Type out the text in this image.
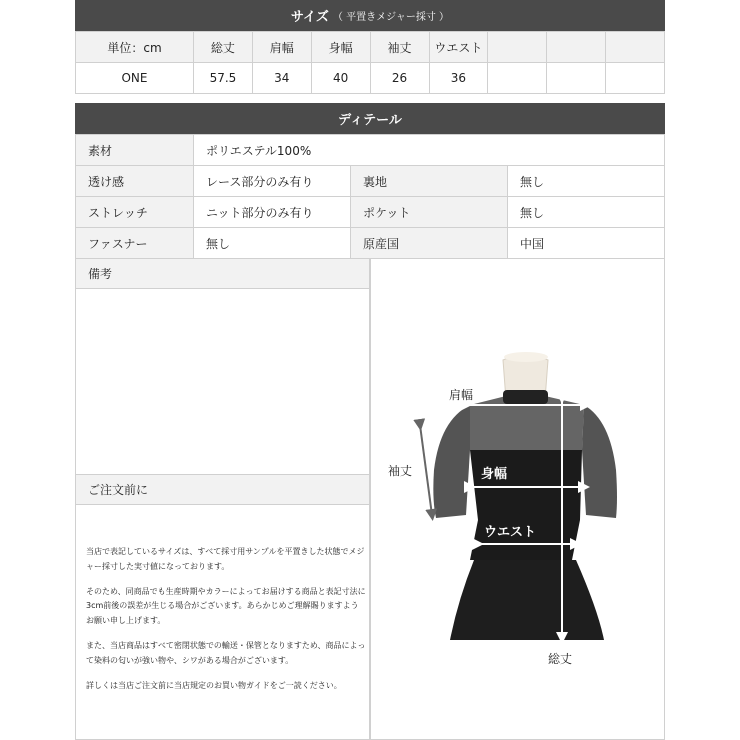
サイズ （ 平置きメジャー採寸 ）
単位：cm	総丈	肩幅	身幅	袖丈	ウエスト			
ONE	57.5	34	40	26	36			
ディテール
素材	ポリエステル100%		
透け感	レース部分のみ有り	裏地	無し
ストレッチ	ニット部分のみ有り	ポケット	無し
ファスナー	無し	原産国	中国
備考
ご注文前に

当店で表記しているサイズは、すべて採寸用サンプルを平置きした状態でメジャー採寸した実寸値になっております。

そのため、同商品でも生産時期やカラーによってお届けする商品と表記寸法に3cm前後の誤差が生じる場合がございます。あらかじめご理解賜りますようお願い申し上げます。

また、当店商品はすべて密閉状態での輸送・保管となりますため、商品によって染料の匂いが強い物や、シワがある場合がございます。

詳しくは当店ご注文前に当店規定のお買い物ガイドをご一読ください。

肩幅
袖丈	身幅
ウエスト
総丈
